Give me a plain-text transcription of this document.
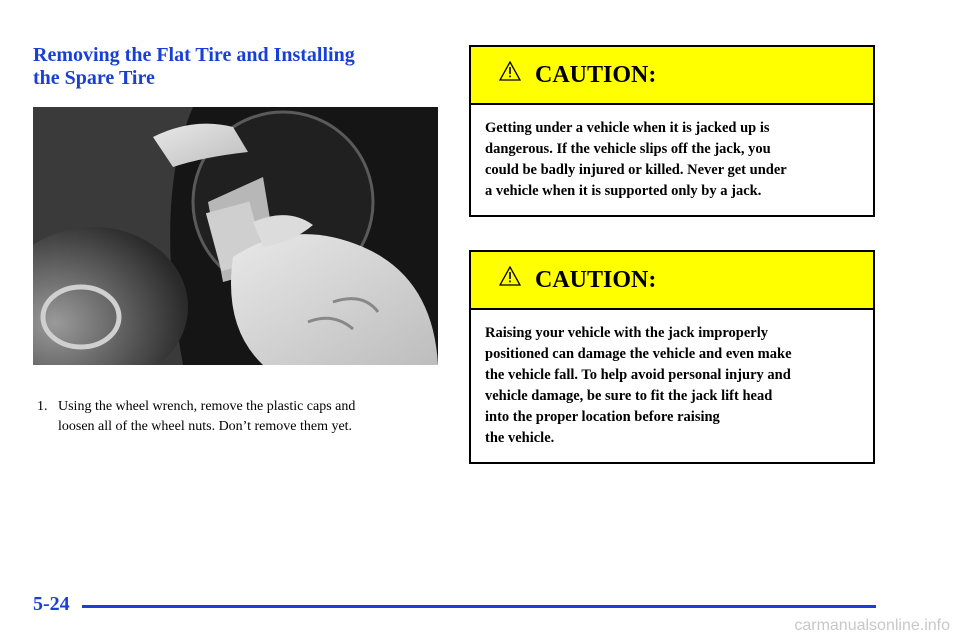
Removing the Flat Tire and Installing
the Spare Tire
1. Using the wheel wrench, remove the plastic caps and
loosen all of the wheel nuts. Don’t remove them yet.
CAUTION:
Getting under a vehicle when it is jacked up is
dangerous. If the vehicle slips off the jack, you
could be badly injured or killed. Never get under
a vehicle when it is supported only by a jack.
CAUTION:
Raising your vehicle with the jack improperly
positioned can damage the vehicle and even make
the vehicle fall. To help avoid personal injury and
vehicle damage, be sure to fit the jack lift head
into the proper location before raising
the vehicle.
5-24
carmanualsonline.info
